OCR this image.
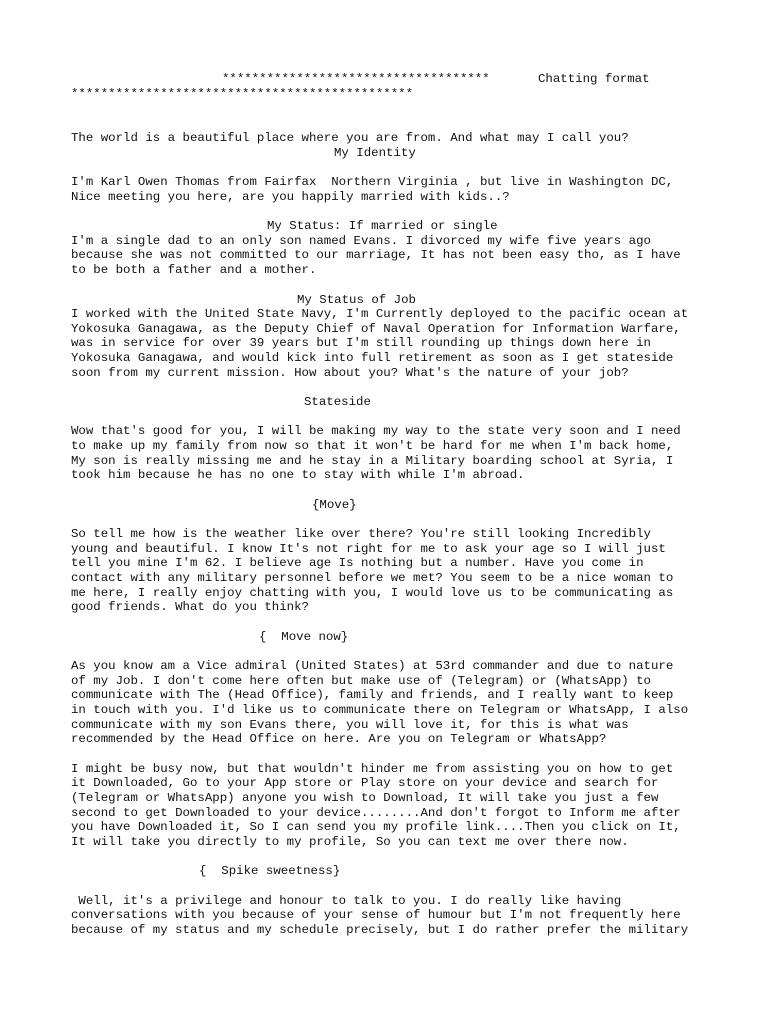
************************************	Chatting format
**********************************************
The world is a beautiful place where you are from. And what may I call you?
My Identity
I'm Karl Owen Thomas from Fairfax  Northern Virginia , but live in Washington DC,
Nice meeting you here, are you happily married with kids..?
My Status: If married or single
I'm a single dad to an only son named Evans. I divorced my wife five years ago
because she was not committed to our marriage, It has not been easy tho, as I have
to be both a father and a mother.
My Status of Job
I worked with the United State Navy, I'm Currently deployed to the pacific ocean at
Yokosuka Ganagawa, as the Deputy Chief of Naval Operation for Information Warfare,
was in service for over 39 years but I'm still rounding up things down here in
Yokosuka Ganagawa, and would kick into full retirement as soon as I get stateside
soon from my current mission. How about you? What's the nature of your job?
Stateside
Wow that's good for you, I will be making my way to the state very soon and I need
to make up my family from now so that it won't be hard for me when I'm back home,
My son is really missing me and he stay in a Military boarding school at Syria, I
took him because he has no one to stay with while I'm abroad.
{Move}
So tell me how is the weather like over there? You're still looking Incredibly
young and beautiful. I know It's not right for me to ask your age so I will just
tell you mine I'm 62. I believe age Is nothing but a number. Have you come in
contact with any military personnel before we met? You seem to be a nice woman to
me here, I really enjoy chatting with you, I would love us to be communicating as
good friends. What do you think?
{  Move now}
As you know am a Vice admiral (United States) at 53rd commander and due to nature
of my Job. I don't come here often but make use of (Telegram) or (WhatsApp) to
communicate with The (Head Office), family and friends, and I really want to keep
in touch with you. I'd like us to communicate there on Telegram or WhatsApp, I also
communicate with my son Evans there, you will love it, for this is what was
recommended by the Head Office on here. Are you on Telegram or WhatsApp?
I might be busy now, but that wouldn't hinder me from assisting you on how to get
it Downloaded, Go to your App store or Play store on your device and search for
(Telegram or WhatsApp) anyone you wish to Download, It will take you just a few
second to get Downloaded to your device........And don't forgot to Inform me after
you have Downloaded it, So I can send you my profile link....Then you click on It,
It will take you directly to my profile, So you can text me over there now.
{  Spike sweetness}
Well, it's a privilege and honour to talk to you. I do really like having
conversations with you because of your sense of humour but I'm not frequently here
because of my status and my schedule precisely, but I do rather prefer the military
